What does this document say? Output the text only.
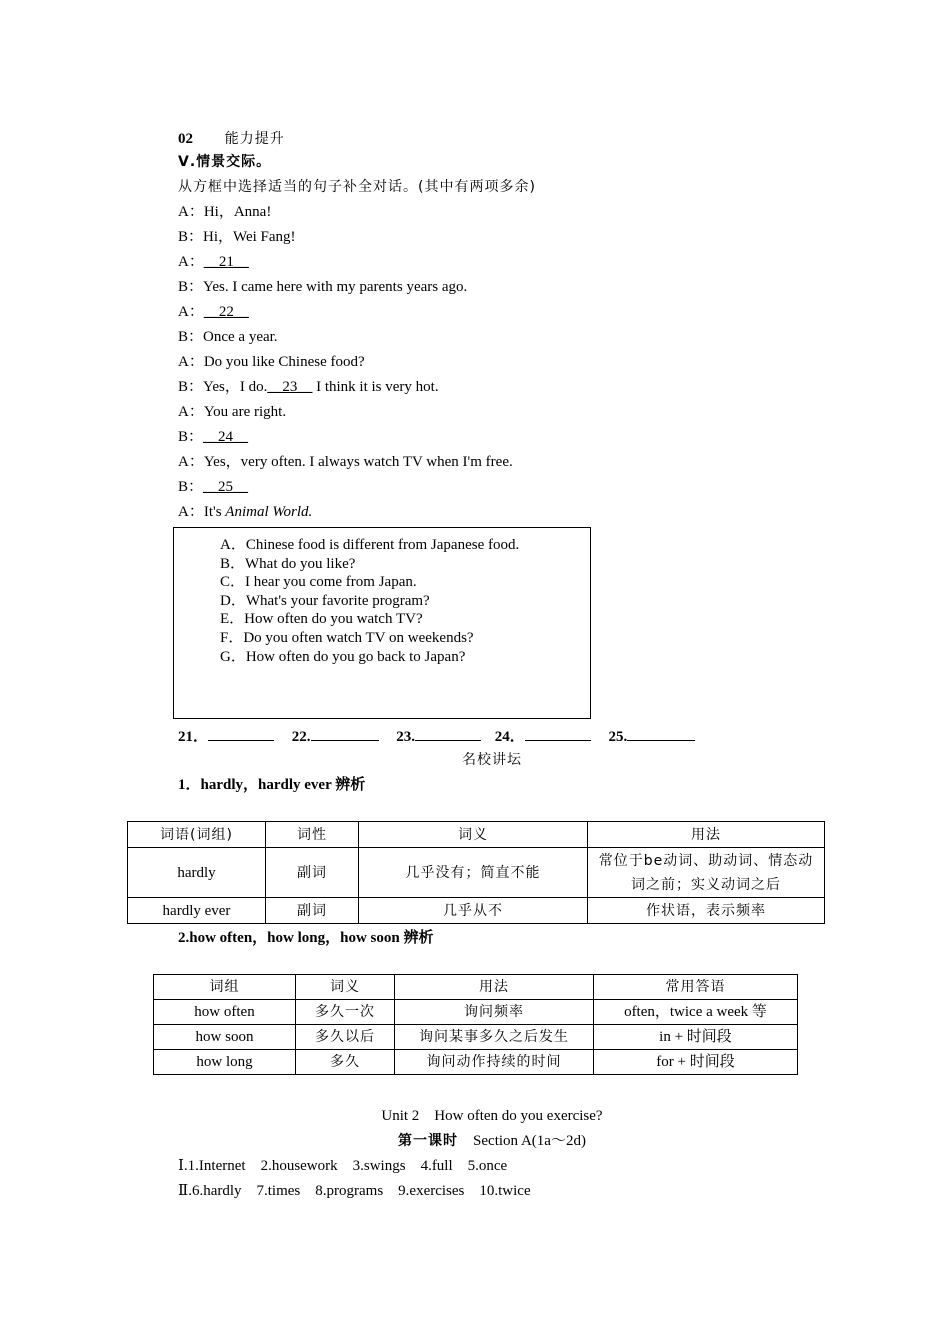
02 能力提升
Ⅴ.情景交际。
从方框中选择适当的句子补全对话。(其中有两项多余)
A：Hi，Anna!
B：Hi，Wei Fang!
A：__21__
B：Yes. I came here with my parents years ago.
A：__22__
B：Once a year.
A：Do you like Chinese food?
B：Yes，I do.__23__ I think it is very hot.
A：You are right.
B：__24__
A：Yes，very often. I always watch TV when I'm free.
B：__25__
A：It's Animal World.
A．Chinese food is different from Japanese food.
B．What do you like?
C．I hear you come from Japan.
D．What's your favorite program?
E．How often do you watch TV?
F．Do you often watch TV on weekends?
G．How often do you go back to Japan?
21．	22.	23.	24．	25.
名校讲坛
1．hardly，hardly ever 辨析
词语(词组)	词性	词义	用法
hardly	副词	几乎没有；简直不能	常位于be动词、助动词、情态动词之前；实义动词之后
hardly ever	副词	几乎从不	作状语，表示频率
2.how often，how long，how soon 辨析
词组	词义	用法	常用答语
how often	多久一次	询问频率	often，twice a week 等
how soon	多久以后	询问某事多久之后发生	in + 时间段
how long	多久	询问动作持续的时间	for + 时间段
Unit 2　How often do you exercise?
第一课时　Section A(1a～2d)
Ⅰ.1.Internet　2.housework　3.swings　4.full　5.once
Ⅱ.6.hardly　7.times　8.programs　9.exercises　10.twice
